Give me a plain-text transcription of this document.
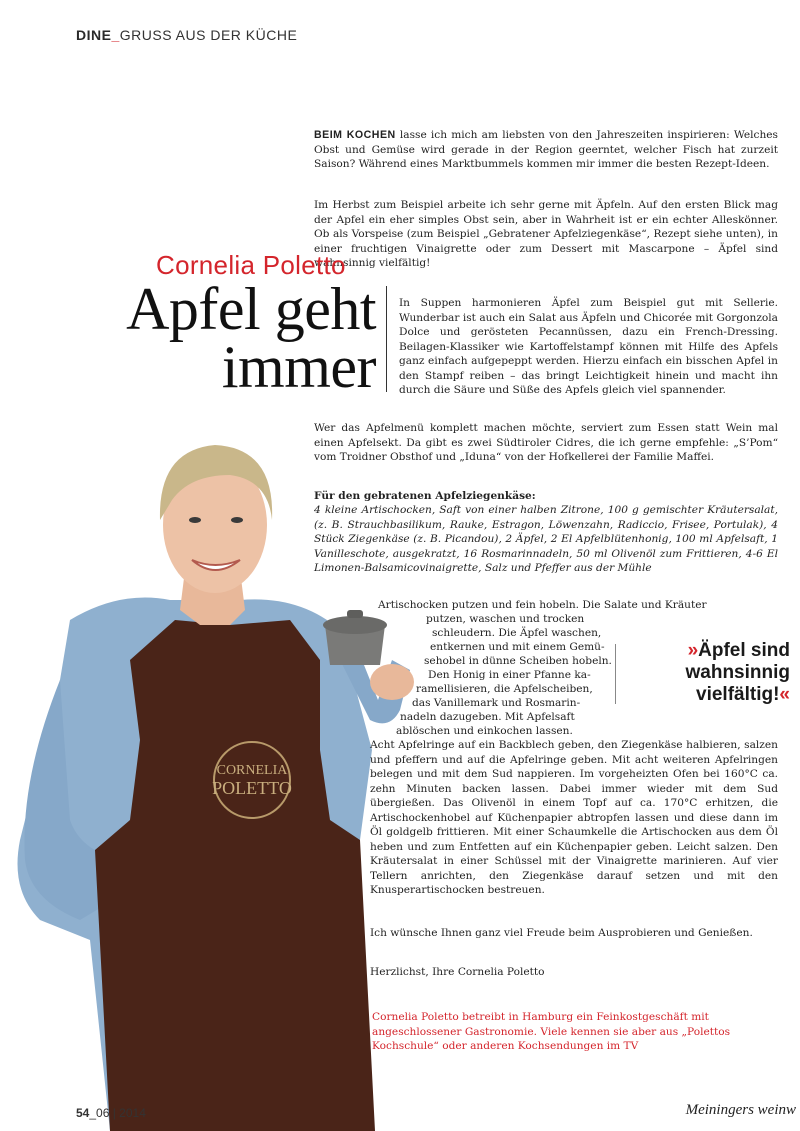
DINE_GRUSS AUS DER KÜCHE

BEIM KOCHEN lasse ich mich am liebsten von den Jahreszeiten inspirieren: Welches Obst und Gemüse wird gerade in der Region geerntet, welcher Fisch hat zurzeit Saison? Während eines Marktbummels kommen mir immer die besten Rezept-Ideen.

Im Herbst zum Beispiel arbeite ich sehr gerne mit Äpfeln. Auf den ersten Blick mag der Apfel ein eher simples Obst sein, aber in Wahrheit ist er ein echter Alleskönner. Ob als Vorspeise (zum Beispiel „Gebratener Apfelziegenkäse“, Rezept siehe unten), in einer fruchtigen Vinaigrette oder zum Dessert mit Mascarpone – Äpfel sind wahnsinnig vielfältig!

Cornelia Poletto
Apfel geht
immer

In Suppen harmonieren Äpfel zum Beispiel gut mit Sellerie. Wunderbar ist auch ein Salat aus Äpfeln und Chicorée mit Gorgonzola Dolce und gerösteten Pecannüssen, dazu ein French-Dressing. Beilagen-Klassiker wie Kartoffelstampf können mit Hilfe des Apfels ganz einfach aufgepeppt werden. Hierzu einfach ein bisschen Apfel in den Stampf reiben – das bringt Leichtigkeit hinein und macht ihn durch die Säure und Süße des Apfels gleich viel spannender.

Wer das Apfelmenü komplett machen möchte, serviert zum Essen statt Wein mal einen Apfelsekt. Da gibt es zwei Südtiroler Cidres, die ich gerne empfehle: „S’Pom“ vom Troidner Obsthof und „Iduna“ von der Hofkellerei der Familie Maffei.

Für den gebratenen Apfelziegenkäse:

4 kleine Artischocken, Saft von einer halben Zitrone, 100 g gemischter Kräutersalat, (z. B. Strauchbasilikum, Rauke, Estragon, Löwenzahn, Radiccio, Frisee, Portulak), 4 Stück Ziegenkäse (z. B. Picandou), 2 Äpfel, 2 El Apfelblütenhonig, 100 ml Apfelsaft, 1 Vanilleschote, ausgekratzt, 16 Rosmarinnadeln, 50 ml Olivenöl zum Frittieren, 4-6 El Limonen-Balsamicovinaigrette, Salz und Pfeffer aus der Mühle

CORNELIA
POLETTO

Artischocken putzen und fein hobeln. Die Salate und Kräuter

putzen, waschen und trocken

schleudern. Die Äpfel waschen,

entkernen und mit einem Gemü-

sehobel in dünne Scheiben hobeln.

Den Honig in einer Pfanne ka-

ramellisieren, die Apfelscheiben,

das Vanillemark und Rosmarin-

nadeln dazugeben. Mit Apfelsaft

ablöschen und einkochen lassen.

»Äpfel sind wahnsinnig vielfältig!«

Acht Apfelringe auf ein Backblech geben, den Ziegenkäse halbieren, salzen und pfeffern und auf die Apfelringe geben. Mit acht weiteren Apfelringen belegen und mit dem Sud nappieren. Im vorgeheizten Ofen bei 160°C ca. zehn Minuten backen lassen. Dabei immer wieder mit dem Sud übergießen. Das Olivenöl in einem Topf auf ca. 170°C erhitzen, die Artischockenhobel auf Küchenpapier abtropfen lassen und diese dann im Öl goldgelb frittieren. Mit einer Schaumkelle die Artischocken aus dem Öl heben und zum Entfetten auf ein Küchenpapier geben. Leicht salzen. Den Kräutersalat in einer Schüssel mit der Vinaigrette marinieren. Auf vier Tellern anrichten, den Ziegenkäse darauf setzen und mit den Knusperartischocken bestreuen.

Ich wünsche Ihnen ganz viel Freude beim Ausprobieren und Genießen.

Herzlichst, Ihre Cornelia Poletto

Cornelia Poletto betreibt in Hamburg ein Feinkostgeschäft mit angeschlossener Gastronomie. Viele kennen sie aber aus „Polettos Kochschule“ oder anderen Kochsendungen im TV

54_06 | 2014	Meiningers weinw
